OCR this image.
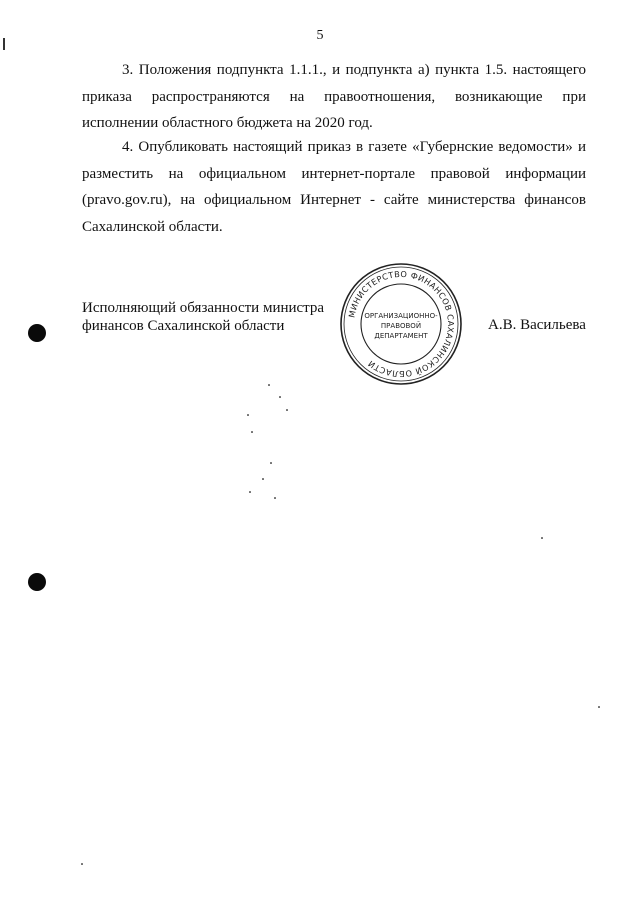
5
3. Положения подпункта 1.1.1., и подпункта а) пункта 1.5. настоящего
приказа распространяются на правоотношения, возникающие при
исполнении областного бюджета на 2020 год.
4. Опубликовать настоящий приказ в газете «Губернские ведомости» и
разместить на официальном интернет-портале правовой информации
(pravo.gov.ru), на официальном Интернет - сайте министерства финансов
Сахалинской области.
Исполняющий обязанности министра
финансов Сахалинской области	А.В. Васильева
МИНИСТЕРСТВО ФИНАНСОВ САХАЛИНСКОЙ ОБЛАСТИ
ОРГАНИЗАЦИОННО-
ПРАВОВОЙ
ДЕПАРТАМЕНТ
